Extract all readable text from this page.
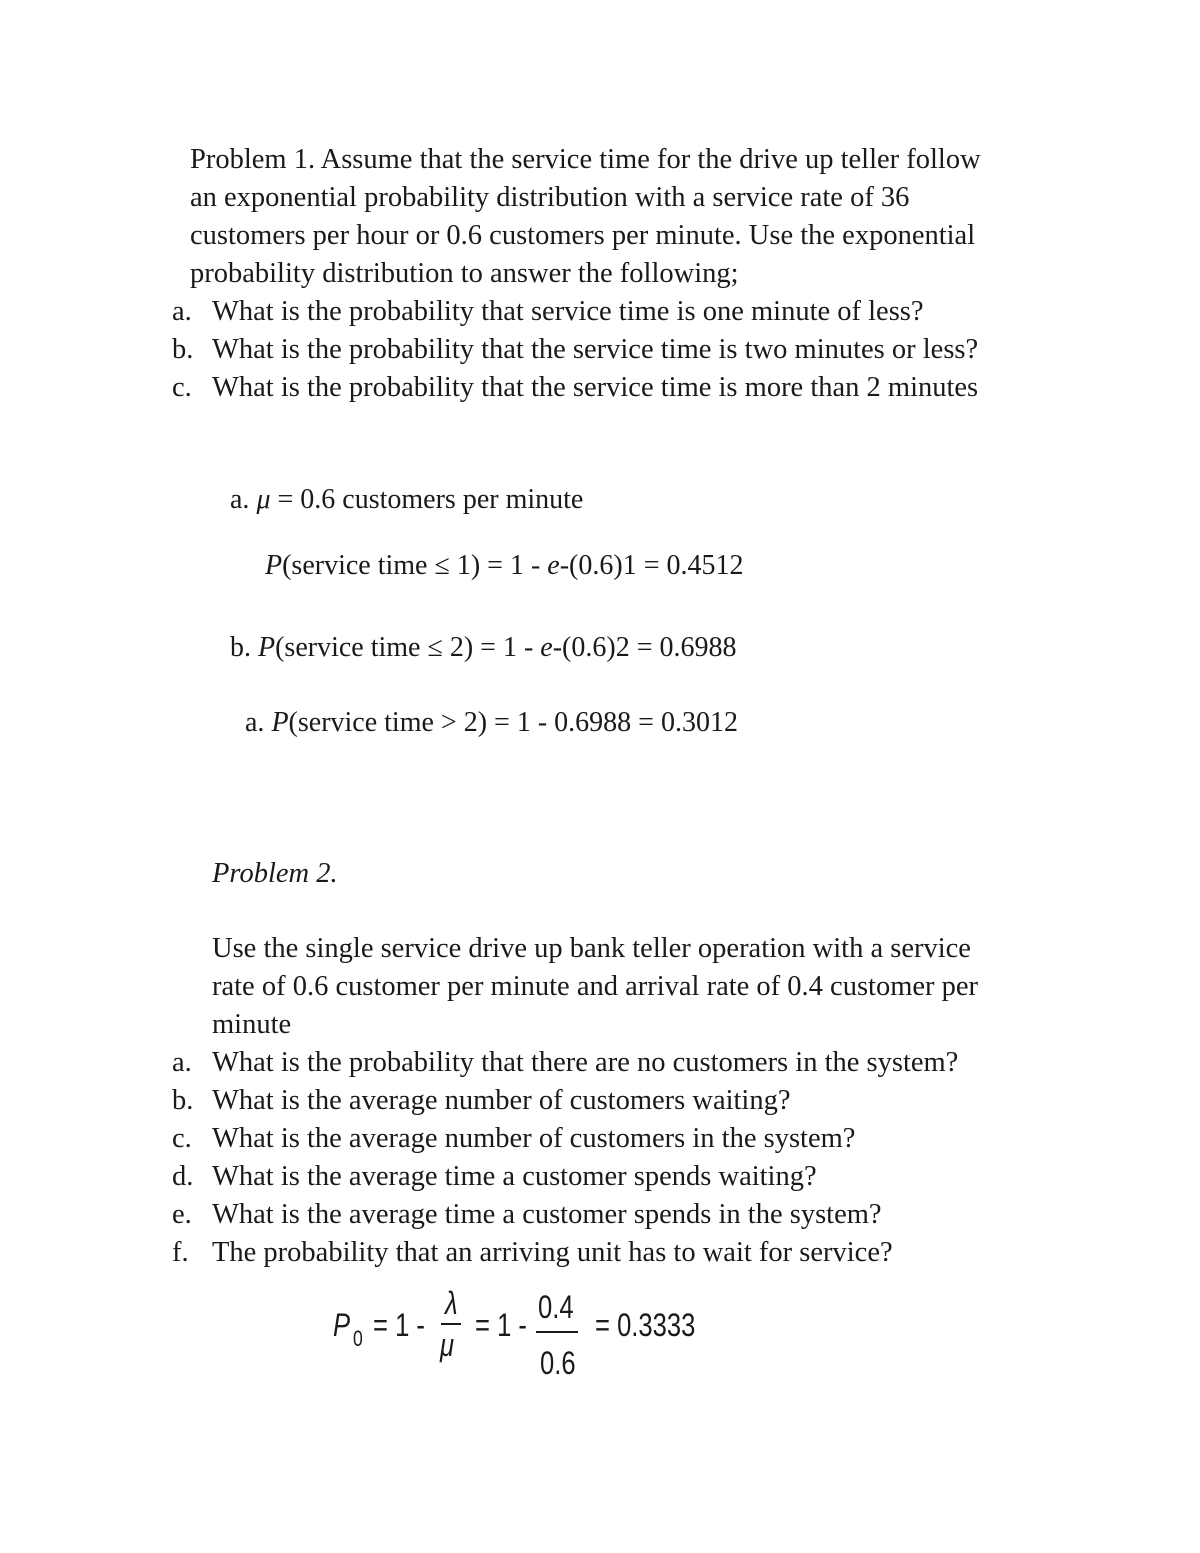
Problem 1. Assume that the service time for the drive up teller follow
an exponential probability distribution with a service rate of 36
customers per hour or 0.6 customers per minute. Use the exponential
probability distribution to answer the following;
a. What is the probability that service time is one minute of less?
b. What is the probability that the service time is two minutes or less?
c. What is the probability that the service time is more than 2 minutes
a. μ = 0.6 customers per minute
P(service time ≤ 1) = 1 - e-(0.6)1 = 0.4512
b. P(service time ≤ 2) = 1 - e-(0.6)2 = 0.6988
a. P(service time > 2) = 1 - 0.6988 = 0.3012
Problem 2.
Use the single service drive up bank teller operation with a service
rate of 0.6 customer per minute and arrival rate of 0.4 customer per
minute
a. What is the probability that there are no customers in the system?
b. What is the average number of customers waiting?
c. What is the average number of customers in the system?
d. What is the average time a customer spends waiting?
e. What is the average time a customer spends in the system?
f. The probability that an arriving unit has to wait for service?
P 0 = 1 -
λ
μ
= 1 - 0.4
0.6
= 0.3333
